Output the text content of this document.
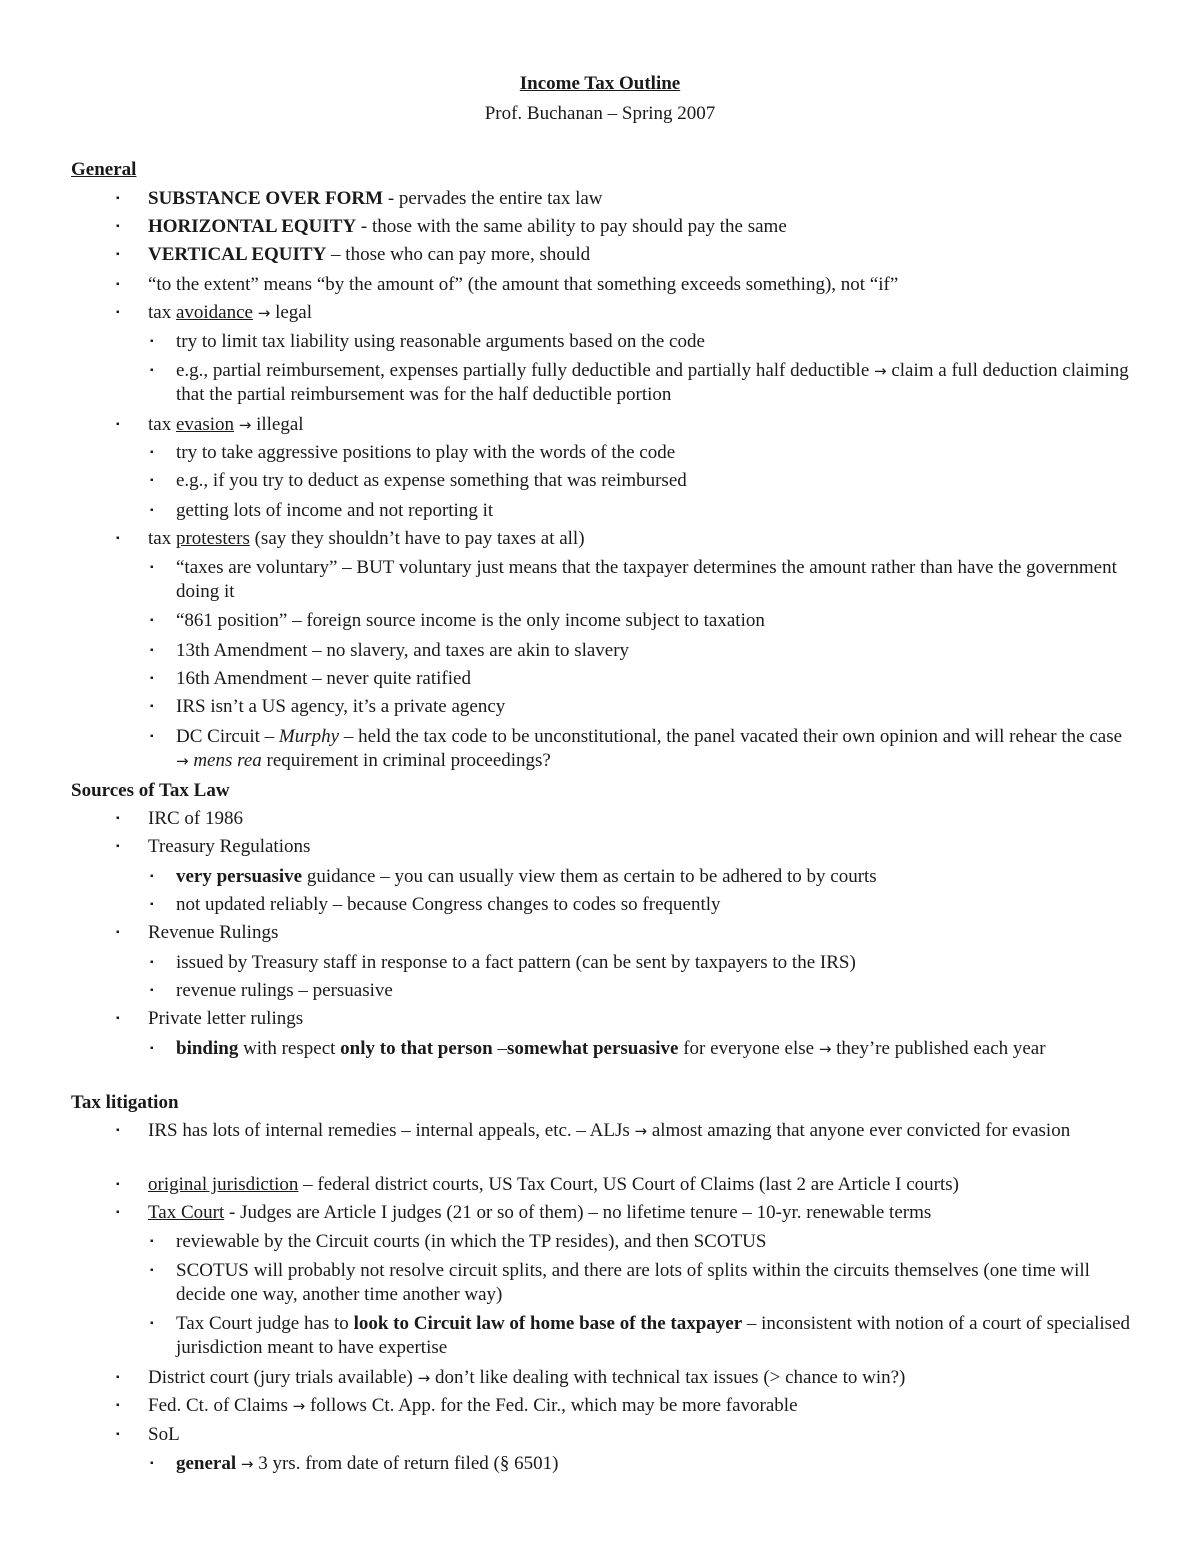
Income Tax Outline
Prof. Buchanan – Spring 2007
General
▪ SUBSTANCE OVER FORM - pervades the entire tax law
▪ HORIZONTAL EQUITY - those with the same ability to pay should pay the same
▪ VERTICAL EQUITY – those who can pay more, should
▪ “to the extent” means “by the amount of” (the amount that something exceeds something), not “if”
▪ tax avoidance → legal
▪ try to limit tax liability using reasonable arguments based on the code
▪ e.g., partial reimbursement, expenses partially fully deductible and partially half deductible → claim a full deduction claiming that the partial reimbursement was for the half deductible portion
▪ tax evasion → illegal
▪ try to take aggressive positions to play with the words of the code
▪ e.g., if you try to deduct as expense something that was reimbursed
▪ getting lots of income and not reporting it
▪ tax protesters (say they shouldn’t have to pay taxes at all)
▪ “taxes are voluntary” – BUT voluntary just means that the taxpayer determines the amount rather than have the government doing it
▪ “861 position” – foreign source income is the only income subject to taxation
▪ 13th Amendment – no slavery, and taxes are akin to slavery
▪ 16th Amendment – never quite ratified
▪ IRS isn’t a US agency, it’s a private agency
▪ DC Circuit – Murphy – held the tax code to be unconstitutional, the panel vacated their own opinion and will rehear the case → mens rea requirement in criminal proceedings?
Sources of Tax Law
▪ IRC of 1986
▪ Treasury Regulations
▪ very persuasive guidance – you can usually view them as certain to be adhered to by courts
▪ not updated reliably – because Congress changes to codes so frequently
▪ Revenue Rulings
▪ issued by Treasury staff in response to a fact pattern (can be sent by taxpayers to the IRS)
▪ revenue rulings – persuasive
▪ Private letter rulings
▪ binding with respect only to that person –somewhat persuasive for everyone else → they’re published each year
Tax litigation
▪ IRS has lots of internal remedies – internal appeals, etc. – ALJs → almost amazing that anyone ever convicted for evasion
▪ original jurisdiction – federal district courts, US Tax Court, US Court of Claims (last 2 are Article I courts)
▪ Tax Court - Judges are Article I judges (21 or so of them) – no lifetime tenure – 10-yr. renewable terms
▪ reviewable by the Circuit courts (in which the TP resides), and then SCOTUS
▪ SCOTUS will probably not resolve circuit splits, and there are lots of splits within the circuits themselves (one time will decide one way, another time another way)
▪ Tax Court judge has to look to Circuit law of home base of the taxpayer – inconsistent with notion of a court of specialised jurisdiction meant to have expertise
▪ District court (jury trials available) → don’t like dealing with technical tax issues (> chance to win?)
▪ Fed. Ct. of Claims → follows Ct. App. for the Fed. Cir., which may be more favorable
▪ SoL
▪ general → 3 yrs. from date of return filed (§ 6501)
